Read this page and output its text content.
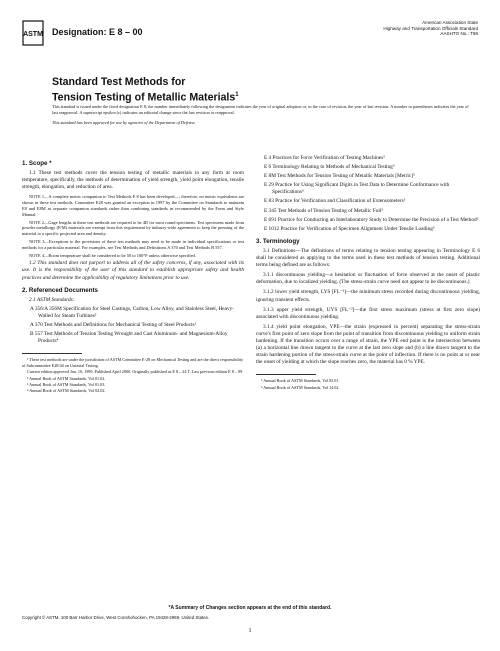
ASTM Designation: E 8 – 00
American Association State
Highway and Transportation Officials Standard
AASHTO No.: T68
Standard Test Methods for
Tension Testing of Metallic Materials$^1$
This standard is issued under the fixed designation E 8; the number immediately following the designation indicates the year of original adoption or, in the case of revision, the year of last revision. A number in parentheses indicates the year of last reapproval. A superscript epsilon (ε) indicates an editorial change since the last revision or reapproval.
This standard has been approved for use by agencies of the Department of Defense.
1. Scope *

1.1 These test methods cover the tension testing of metallic materials in any form at room temperature, specifically, the methods of determination of yield strength, yield point elongation, tensile strength, elongation, and reduction of area.

NOTE 1—A complete metric companion to Test Methods E 8 has been developed—; therefore, no metric equivalents are shown in these test methods. Committee E28 was granted an exception in 1997 by the Committee on Standards to maintain E8 and E8M as separate companion standards rather than combining standards as recommended by the Form and Style Manual.
NOTE 2—Gage lengths in these test methods are required to be 4D for most round specimens. Test specimens made from powder metallurgy (P/M) materials are exempt from this requirement by industry-wide agreement to keep the pressing of the material to a specific projected area and density.
NOTE 3—Exceptions to the provisions of these test methods may need to be made in individual specifications or test methods for a particular material. For examples, see Test Methods and Definitions A 370 and Test Methods B 557.
NOTE 4—Room temperature shall be considered to be 50 to 100°F unless otherwise specified.

1.2 This standard does not purport to address all of the safety concerns, if any, associated with its use. It is the responsibility of the user of this standard to establish appropriate safety and health practices and determine the applicability of regulatory limitations prior to use.

2. Referenced Documents
2.1 ASTM Standards:
A 356/A 356M Specification for Steel Castings, Carbon, Low Alloy, and Stainless Steel, Heavy-Walled for Steam Turbines²
A 370 Test Methods and Definitions for Mechanical Testing of Steel Products³
B 557 Test Methods of Tension Testing Wrought and Cast Aluminum- and Magnesium-Alloy Products⁴
¹ These test methods are under the jurisdiction of ASTM Committee E-28 on Mechanical Testing and are the direct responsibility of Subcommittee E28.04 on Uniaxial Testing.
Current edition approved Jan. 10, 1999. Published April 2000. Originally published as E 8 – 24 T. Last previous edition E 8 – 99.
² Annual Book of ASTM Standards, Vol 01.02.
³ Annual Book of ASTM Standards, Vol 01.03.
⁴ Annual Book of ASTM Standards, Vol 02.02.
E 4 Practices for Force Verification of Testing Machines⁵
E 6 Terminology Relating to Methods of Mechanical Testing⁵
E 8M Test Methods for Tension Testing of Metallic Materials [Metric]⁵
E 29 Practice for Using Significant Digits in Test Data to Determine Conformance with Specifications⁶
E 83 Practice for Verification and Classification of Extensometers⁵
E 345 Test Methods of Tension Testing of Metallic Foil⁵
E 691 Practice for Conducting an Interlaboratory Study to Determine the Precision of a Test Method⁶
E 1012 Practice for Verification of Specimen Alignment Under Tensile Loading⁵
3. Terminology

3.1 Definitions—The definitions of terms relating to tension testing appearing in Terminology E 6 shall be considered as applying to the terms used in these test methods of tension testing. Additional terms being defined are as follows:

3.1.1 discontinuous yielding—a hesitation or fluctuation of force observed at the onset of plastic deformation, due to localized yielding. (The stress-strain curve need not appear to be discontinuous.)

3.1.2 lower yield strength, LYS [FL⁻²]—the minimum stress recorded during discontinuous yielding, ignoring transient effects.

3.1.3 upper yield strength, UYS [FL⁻²]—the first stress maximum (stress at first zero slope) associated with discontinuous yielding.

3.1.4 yield point elongation, YPE—the strain (expressed in percent) separating the stress-strain curve's first point of zero slope from the point of transition from discontinuous yielding to uniform strain hardening. If the transition occurs over a range of strain, the YPE end point is the intersection between (a) a horizontal line drawn tangent to the curve at the last zero slope and (b) a line drawn tangent to the strain hardening portion of the stress-strain curve at the point of inflection. If there is no point at or near the onset of yielding at which the slope reaches zero, the material has 0 % YPE.

⁵ Annual Book of ASTM Standards, Vol 03.01.
⁶ Annual Book of ASTM Standards, Vol 14.02.
*A Summary of Changes section appears at the end of this standard.
Copyright © ASTM, 100 Barr Harbor Drive, West Conshohocken, PA 19428-2959, United States.
1
